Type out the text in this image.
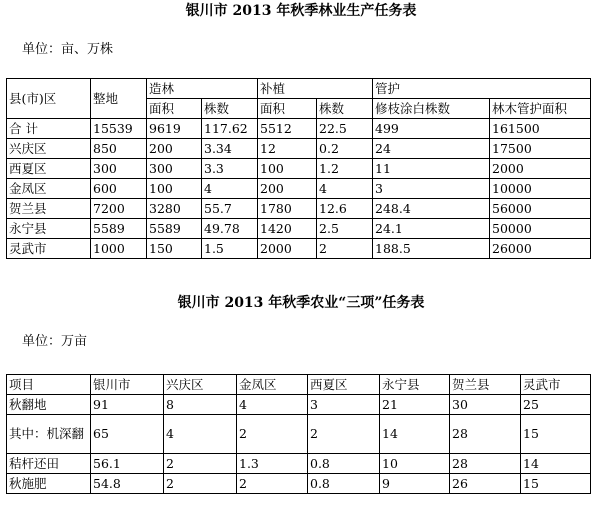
银川市 2013 年秋季林业生产任务表
单位：亩、万株
县(市)区	整地	造林		补植		管护	
		面积	株数	面积	株数	修枝涂白株数	林木管护面积
合 计	15539	9619	117.62	5512	22.5	499	161500
兴庆区	850	200	3.34	12	0.2	24	17500
西夏区	300	300	3.3	100	1.2	11	2000
金凤区	600	100	4	200	4	3	10000
贺兰县	7200	3280	55.7	1780	12.6	248.4	56000
永宁县	5589	5589	49.78	1420	2.5	24.1	50000
灵武市	1000	150	1.5	2000	2	188.5	26000
银川市 2013 年秋季农业“三项”任务表
单位：万亩
项目	银川市	兴庆区	金凤区	西夏区	永宁县	贺兰县	灵武市
秋翻地	91	8	4	3	21	30	25
其中：机深翻	65	4	2	2	14	28	15
秸杆还田	56.1	2	1.3	0.8	10	28	14
秋施肥	54.8	2	2	0.8	9	26	15
